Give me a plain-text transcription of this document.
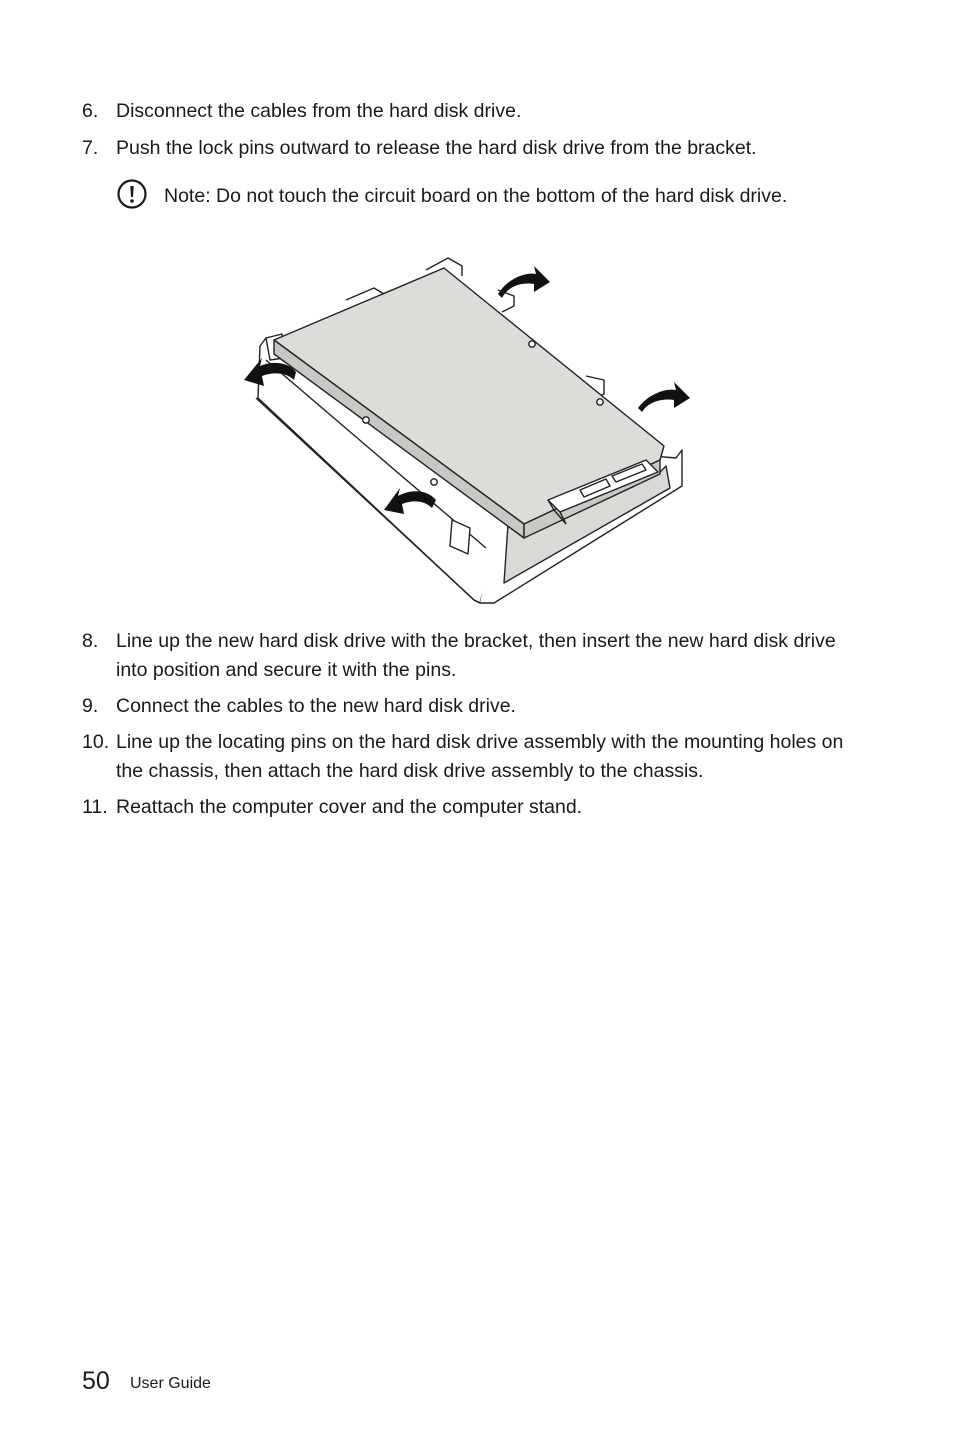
6. Disconnect the cables from the hard disk drive.
7. Push the lock pins outward to release the hard disk drive from the bracket.
Note: Do not touch the circuit board on the bottom of the hard disk drive.
8. Line up the new hard disk drive with the bracket, then insert the new hard disk drive into position and secure it with the pins.
9. Connect the cables to the new hard disk drive.
10. Line up the locating pins on the hard disk drive assembly with the mounting holes on the chassis, then attach the hard disk drive assembly to the chassis.
11. Reattach the computer cover and the computer stand.
50 User Guide
